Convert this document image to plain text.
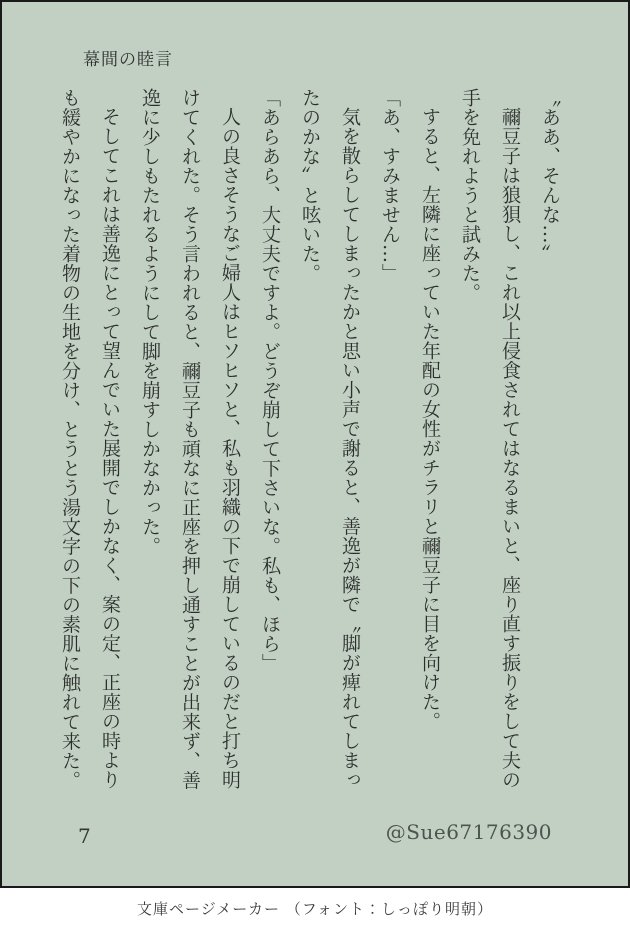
幕間の睦言

〝ああ、そんな…〟

禰豆子は狼狽し、これ以上侵食されてはなるまいと、座り直す振りをして夫の手を免れようと試みた。

すると、左隣に座っていた年配の女性がチラリと禰豆子に目を向けた。

「あ、すみません…」

気を散らしてしまったかと思い小声で謝ると、善逸が隣で〝脚が痺れてしまったのかな〟と呟いた。

「あらあら、大丈夫ですよ。どうぞ崩して下さいな。私も、ほら」

人の良さそうなご婦人はヒソヒソと、私も羽織の下で崩しているのだと打ち明けてくれた。そう言われると、禰豆子も頑なに正座を押し通すことが出来ず、善逸に少しもたれるようにして脚を崩すしかなかった。

そしてこれは善逸にとって望んでいた展開でしかなく、案の定、正座の時よりも緩やかになった着物の生地を分け、とうとう湯文字の下の素肌に触れて来た。

7	@Sue67176390
文庫ページメーカー （フォント：しっぽり明朝）
